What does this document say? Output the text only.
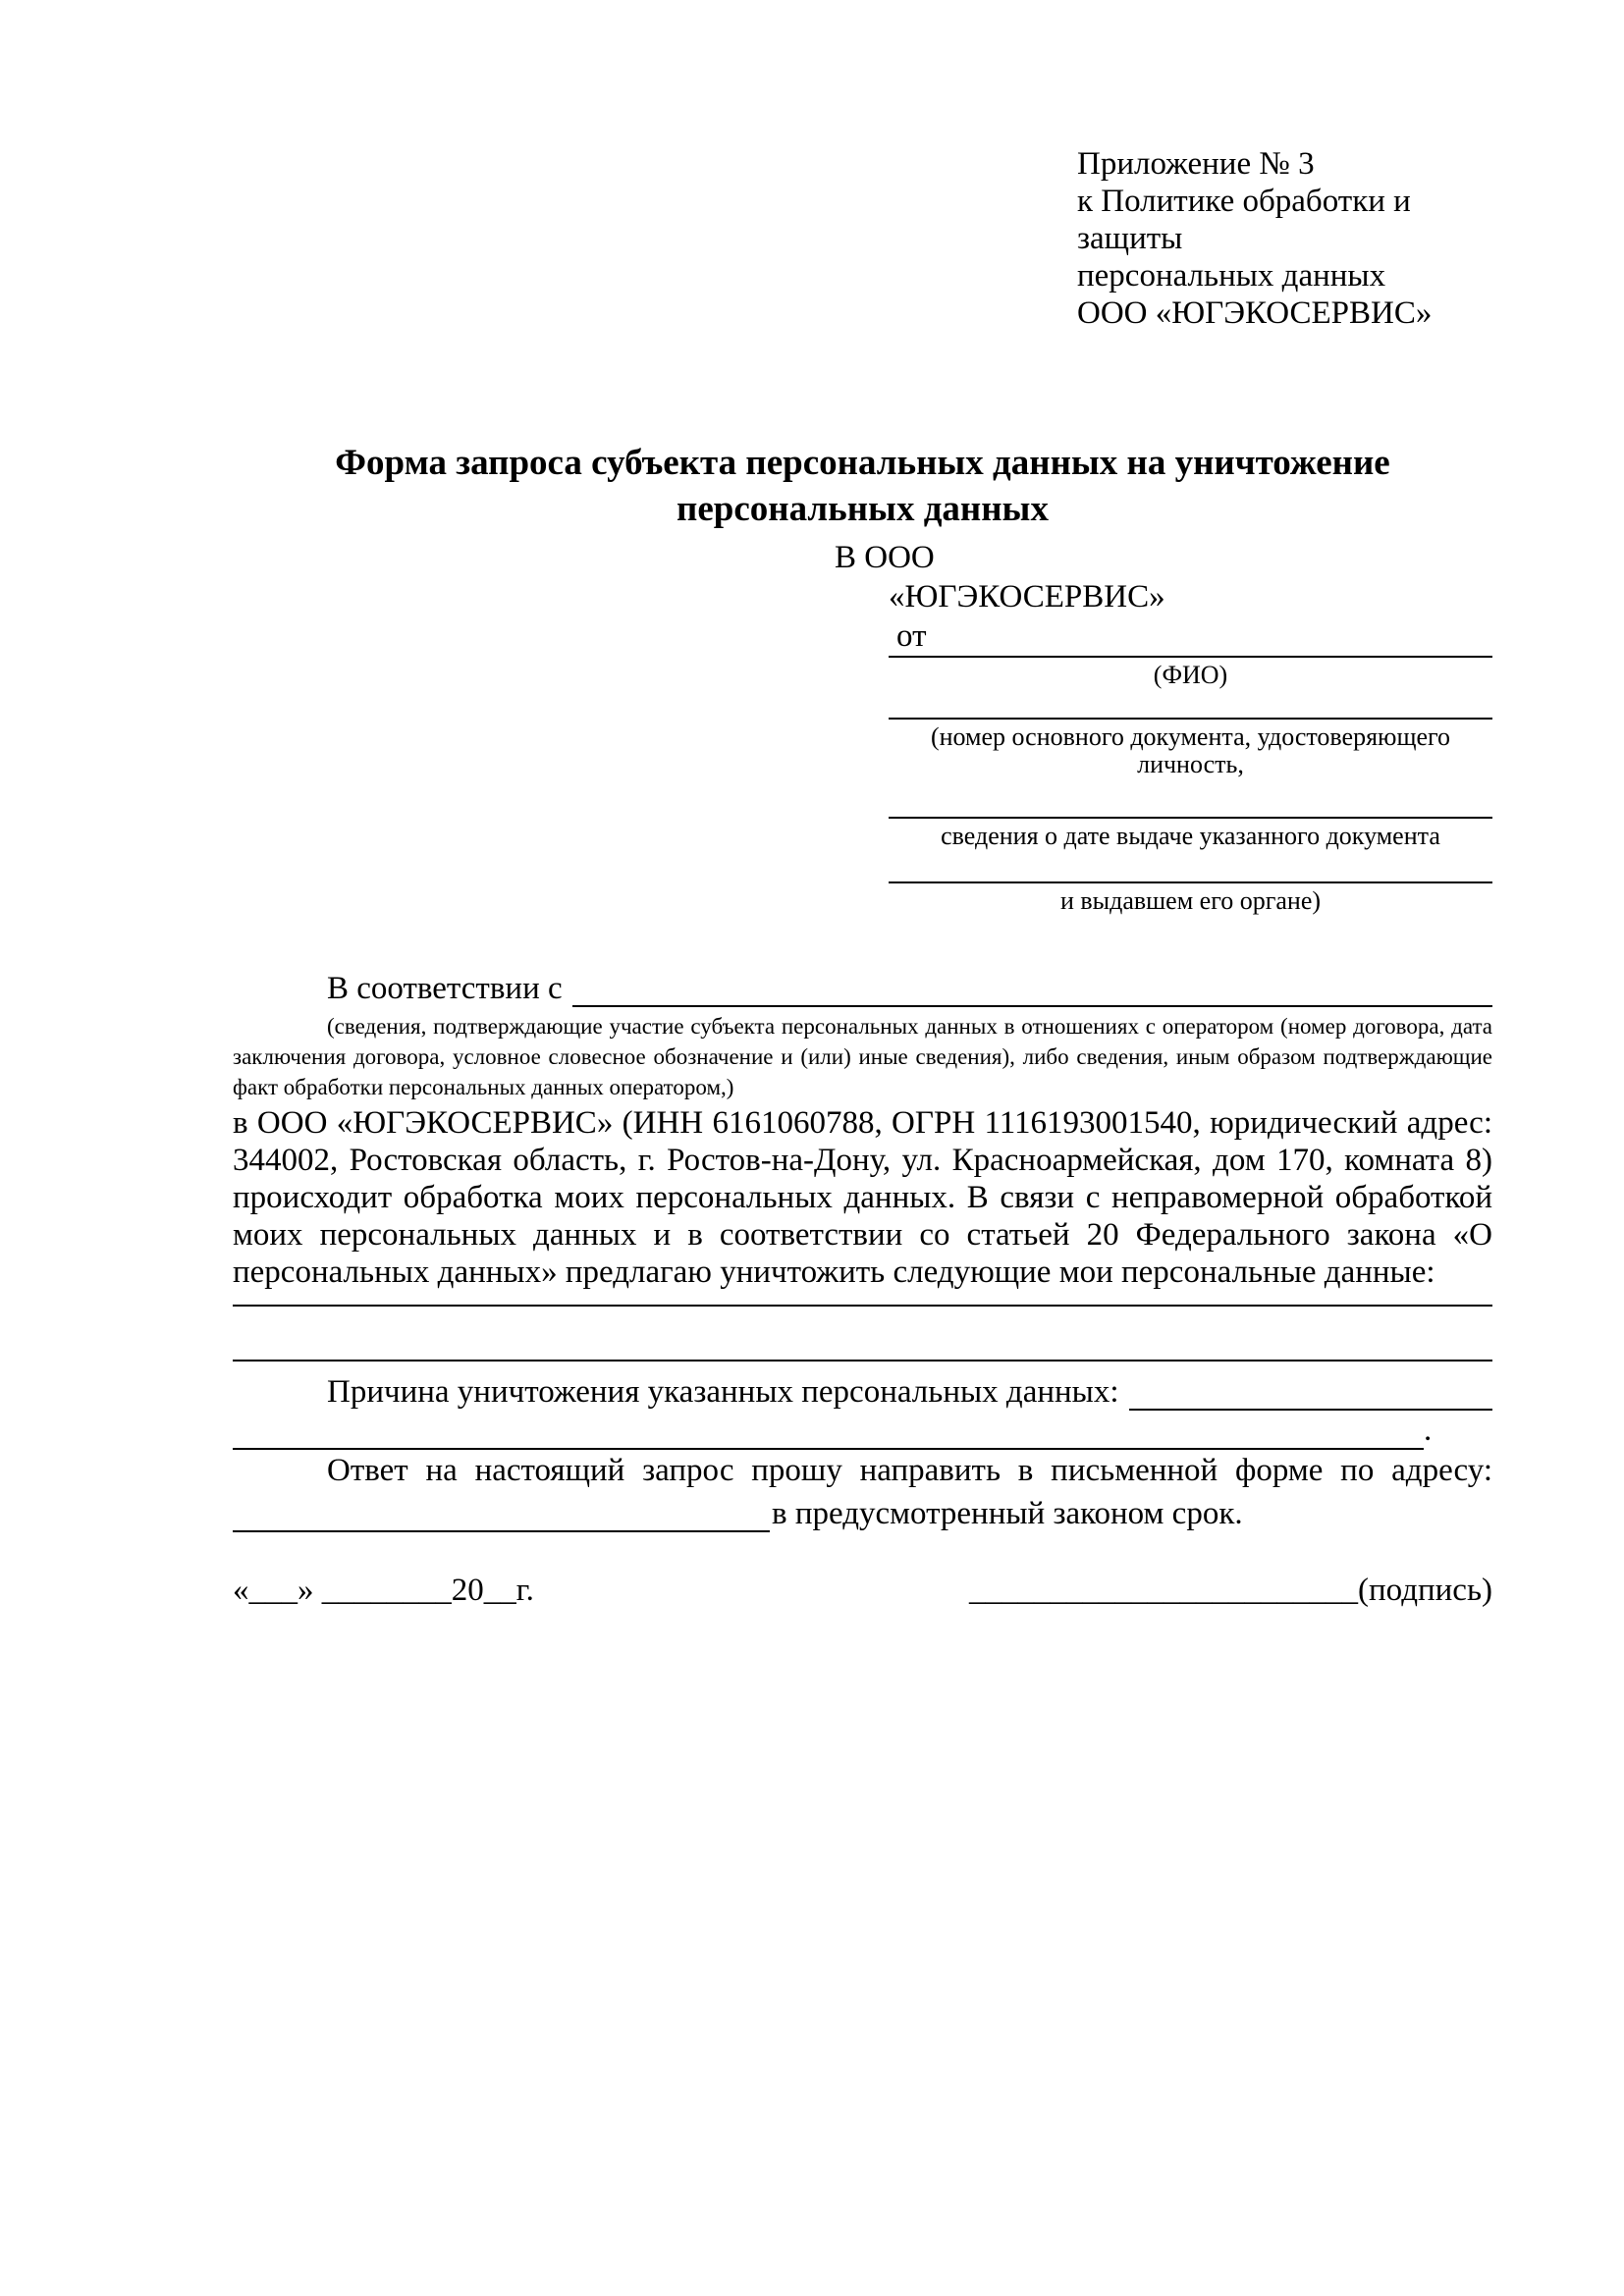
Приложение № 3
к Политике обработки и защиты
персональных данных
ООО «ЮГЭКОСЕРВИС»
Форма запроса субъекта персональных данных на уничтожение персональных данных
В ООО
«ЮГЭКОСЕРВИС»
от
(ФИО)
(номер основного документа, удостоверяющего личность,
сведения о дате выдаче указанного документа
и выдавшем его органе)
В соответствии с
(сведения, подтверждающие участие субъекта персональных данных в отношениях с оператором (номер договора, дата заключения договора, условное словесное обозначение и (или) иные сведения), либо сведения, иным образом подтверждающие факт обработки персональных данных оператором,)
в ООО «ЮГЭКОСЕРВИС» (ИНН 6161060788, ОГРН 1116193001540, юридический адрес: 344002, Ростовская область, г. Ростов-на-Дону, ул. Красноармейская, дом 170, комната 8) происходит обработка моих персональных данных. В связи с неправомерной обработкой моих персональных данных и в соответствии со статьей 20 Федерального закона «О персональных данных» предлагаю уничтожить следующие мои персональные данные:
Причина уничтожения указанных персональных данных:
.
Ответ на настоящий запрос прошу направить в письменной форме по адресу:
в предусмотренный законом срок.
«___» ________20__г.	________________________(подпись)
